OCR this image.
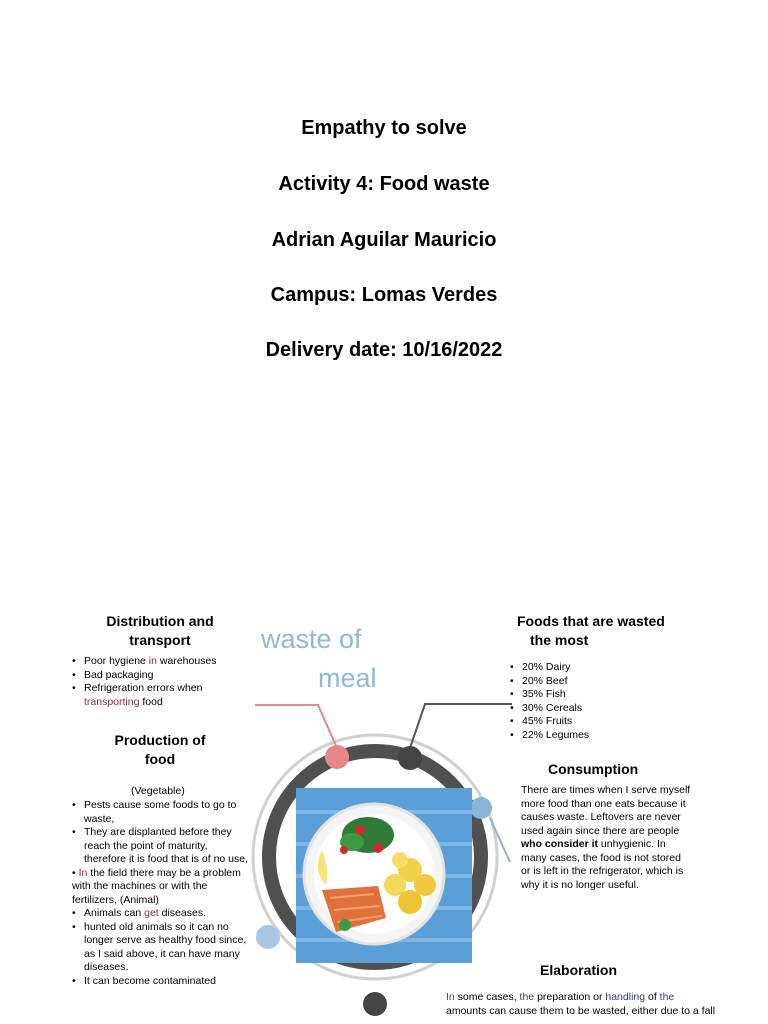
Empathy to solve
Activity 4: Food waste
Adrian Aguilar Mauricio
Campus: Lomas Verdes
Delivery date: 10/16/2022
waste of
meal
Distribution and
transport
• Poor hygiene in warehouses
• Bad packaging
• Refrigeration errors when
transporting food
Production of
food
(Vegetable)
• Pests cause some foods to go to waste,
• They are displanted before they reach the point of maturity, therefore it is food that is of no use,
• In the field there may be a problem with the machines or with the fertilizers, (Animal)
• Animals can get diseases.
• hunted old animals so it can no longer serve as healthy food since, as I said above, it can have many diseases.
• It can become contaminated
Foods that are wasted
the most
• 20% Dairy
• 20% Beef
• 35% Fish
• 30% Cereals
• 45% Fruits
• 22% Legumes
Consumption
There are times when I serve myself more food than one eats because it causes waste. Leftovers are never used again since there are people who consider it unhygienic. In many cases, the food is not stored or is left in the refrigerator, which is why it is no longer useful.
Elaboration
In some cases, the preparation or handling of the amounts can cause them to be wasted, either due to a fall
